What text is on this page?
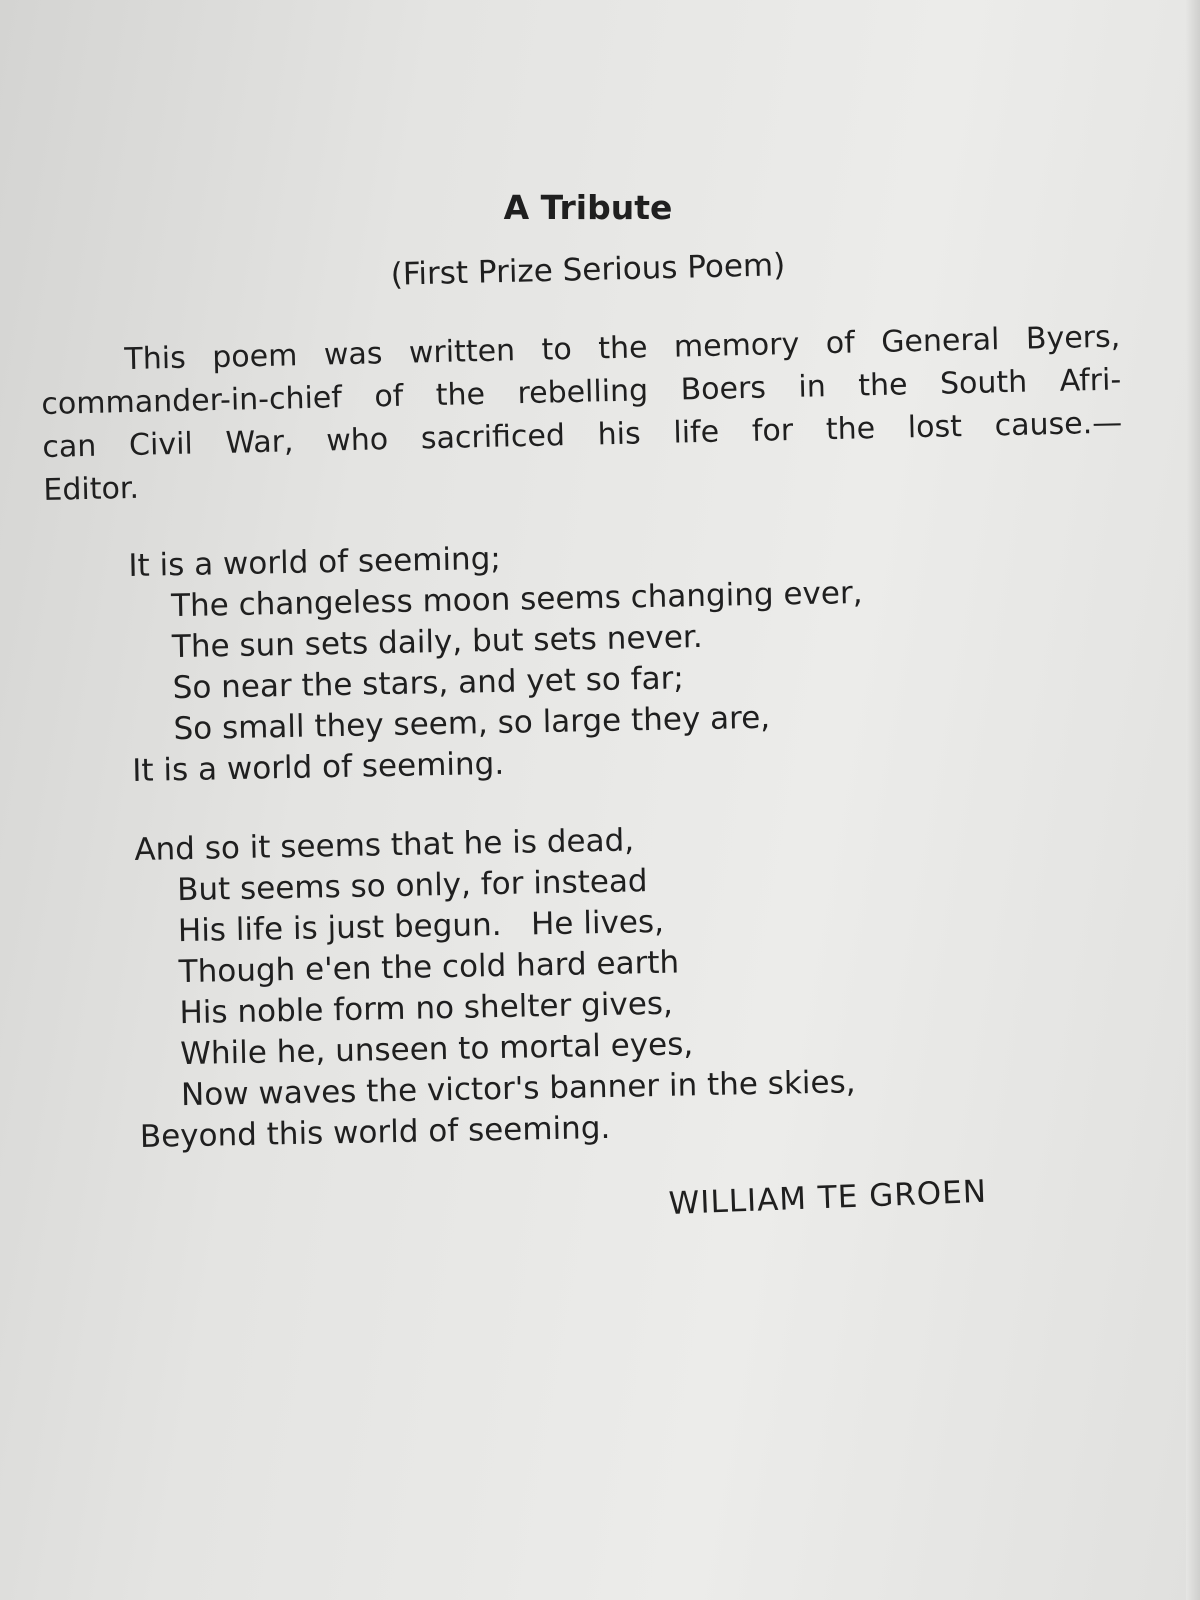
A Tribute

(First Prize Serious Poem)

This poem was written to the memory of General Byers,
commander-in-chief of the rebelling Boers in the South Afri-
can Civil War, who sacrificed his life for the lost cause.—
Editor.
It is a world of seeming;
The changeless moon seems changing ever,
The sun sets daily, but sets never.
So near the stars, and yet so far;
So small they seem, so large they are,
It is a world of seeming.
And so it seems that he is dead,
But seems so only, for instead
His life is just begun.   He lives,
Though e'en the cold hard earth
His noble form no shelter gives,
While he, unseen to mortal eyes,
Now waves the victor's banner in the skies,
Beyond this world of seeming.

WILLIAM TE GROEN
